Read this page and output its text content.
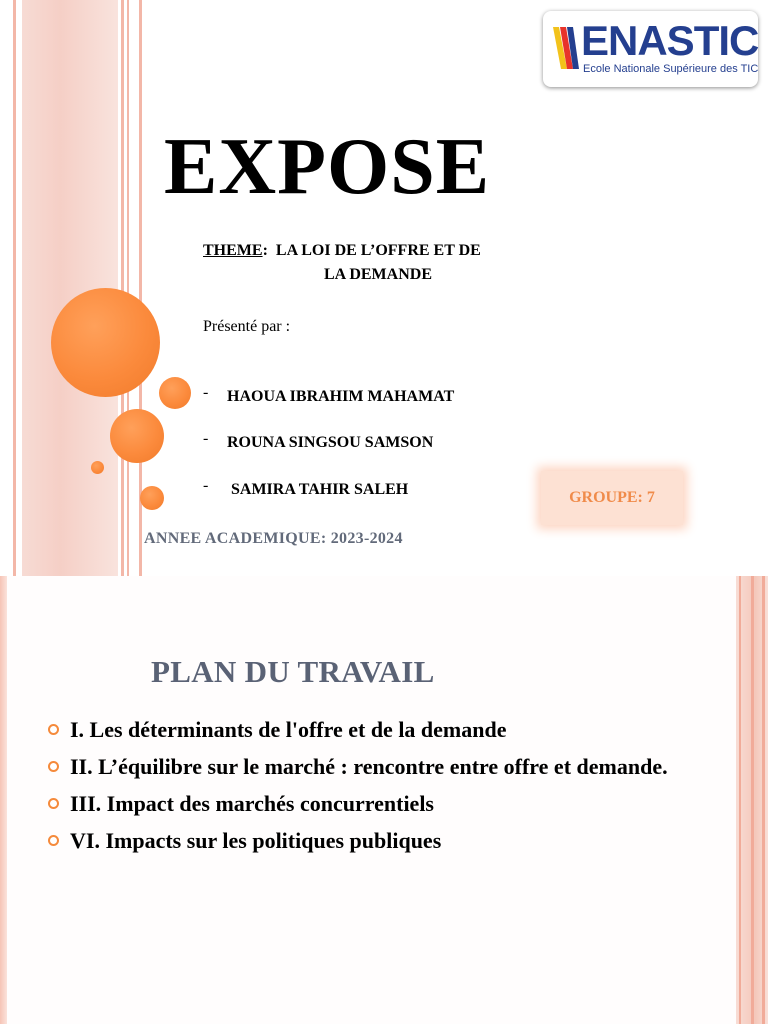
ENASTIC
Ecole Nationale Supérieure des TIC
EXPOSE
THEME:  LA LOI DE L’OFFRE ET DE
LA DEMANDE
Présenté par :
- HAOUA IBRAHIM MAHAMAT
- ROUNA SINGSOU SAMSON
- SAMIRA TAHIR SALEH	GROUPE: 7
ANNEE ACADEMIQUE: 2023-2024
PLAN DU TRAVAIL
I. Les déterminants de l'offre et de la demande
II. L’équilibre sur le marché : rencontre entre offre et demande.
III. Impact des marchés concurrentiels
VI. Impacts sur les politiques publiques
